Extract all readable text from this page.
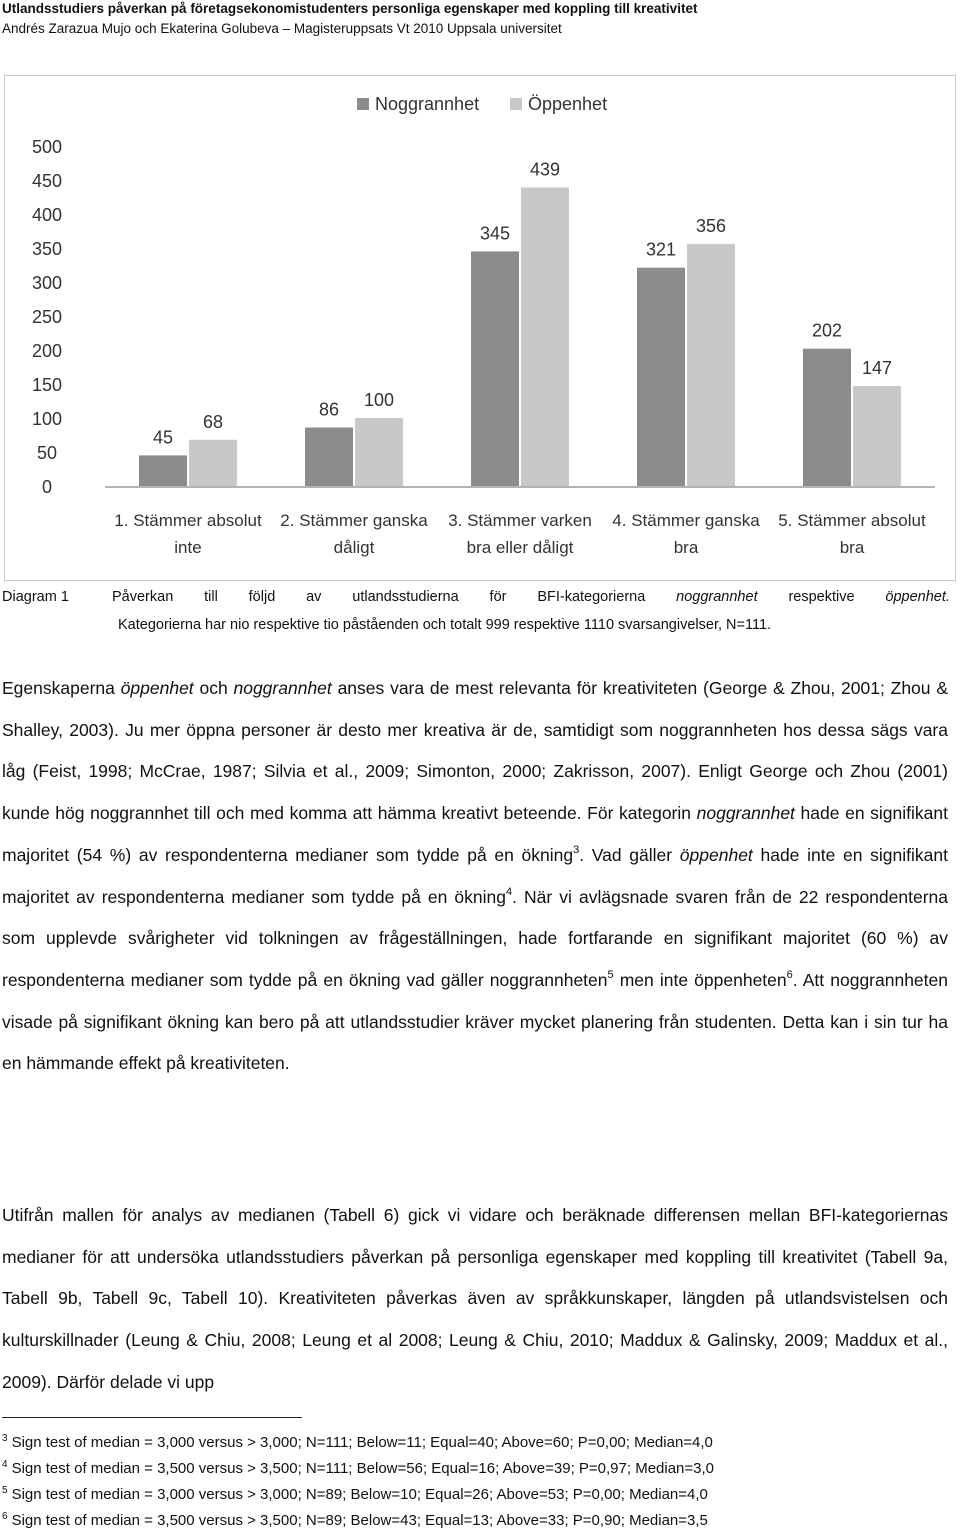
Utlandsstudiers påverkan på företagsekonomistudenters personliga egenskaper med koppling till kreativitet
Andrés Zarazua Mujo och Ekaterina Golubeva – Magisteruppsats Vt 2010 Uppsala universitet
0
50
100
150
200
250
300
350
400
450
500
Noggrannhet	Öppenhet
45
68
1. Stämmer absolut
inte
86 100
2. Stämmer ganska
dåligt
345
439
3. Stämmer varken
bra eller dåligt
321
356
4. Stämmer ganska
bra
202
147
5. Stämmer absolut
bra
Diagram 1	Påverkan till följd av utlandsstudierna för BFI-kategorierna noggrannhet respektive öppenhet.
Kategorierna har nio respektive tio påståenden och totalt 999 respektive 1110 svarsangivelser, N=111.

Egenskaperna öppenhet och noggrannhet anses vara de mest relevanta för kreativiteten (George & Zhou, 2001; Zhou & Shalley, 2003). Ju mer öppna personer är desto mer kreativa är de, samtidigt som noggrannheten hos dessa sägs vara låg (Feist, 1998; McCrae, 1987; Silvia et al., 2009; Simonton, 2000; Zakrisson, 2007). Enligt George och Zhou (2001) kunde hög noggrannhet till och med komma att hämma kreativt beteende. För kategorin noggrannhet hade en signifikant majoritet (54 %) av respondenterna medianer som tydde på en ökning$^3$. Vad gäller öppenhet hade inte en signifikant majoritet av respondenterna medianer som tydde på en ökning$^4$. När vi avlägsnade svaren från de 22 respondenterna som upplevde svårigheter vid tolkningen av frågeställningen, hade fortfarande en signifikant majoritet (60 %) av respondenterna medianer som tydde på en ökning vad gäller noggrannheten$^5$ men inte öppenheten$^6$. Att noggrannheten visade på signifikant ökning kan bero på att utlandsstudier kräver mycket planering från studenten. Detta kan i sin tur ha en hämmande effekt på kreativiteten.

Utifrån mallen för analys av medianen (Tabell 6) gick vi vidare och beräknade differensen mellan BFI-kategoriernas medianer för att undersöka utlandsstudiers påverkan på personliga egenskaper med koppling till kreativitet (Tabell 9a, Tabell 9b, Tabell 9c, Tabell 10). Kreativiteten påverkas även av språkkunskaper, längden på utlandsvistelsen och kulturskillnader (Leung & Chiu, 2008; Leung et al 2008; Leung & Chiu, 2010; Maddux & Galinsky, 2009; Maddux et al., 2009). Därför delade vi upp

$^3$ Sign test of median = 3,000 versus > 3,000; N=111; Below=11; Equal=40; Above=60; P=0,00; Median=4,0
$^4$ Sign test of median = 3,500 versus > 3,500; N=111; Below=56; Equal=16; Above=39; P=0,97; Median=3,0
$^5$ Sign test of median = 3,000 versus > 3,000; N=89; Below=10; Equal=26; Above=53; P=0,00; Median=4,0
$^6$ Sign test of median = 3,500 versus > 3,500; N=89; Below=43; Equal=13; Above=33; P=0,90; Median=3,5
